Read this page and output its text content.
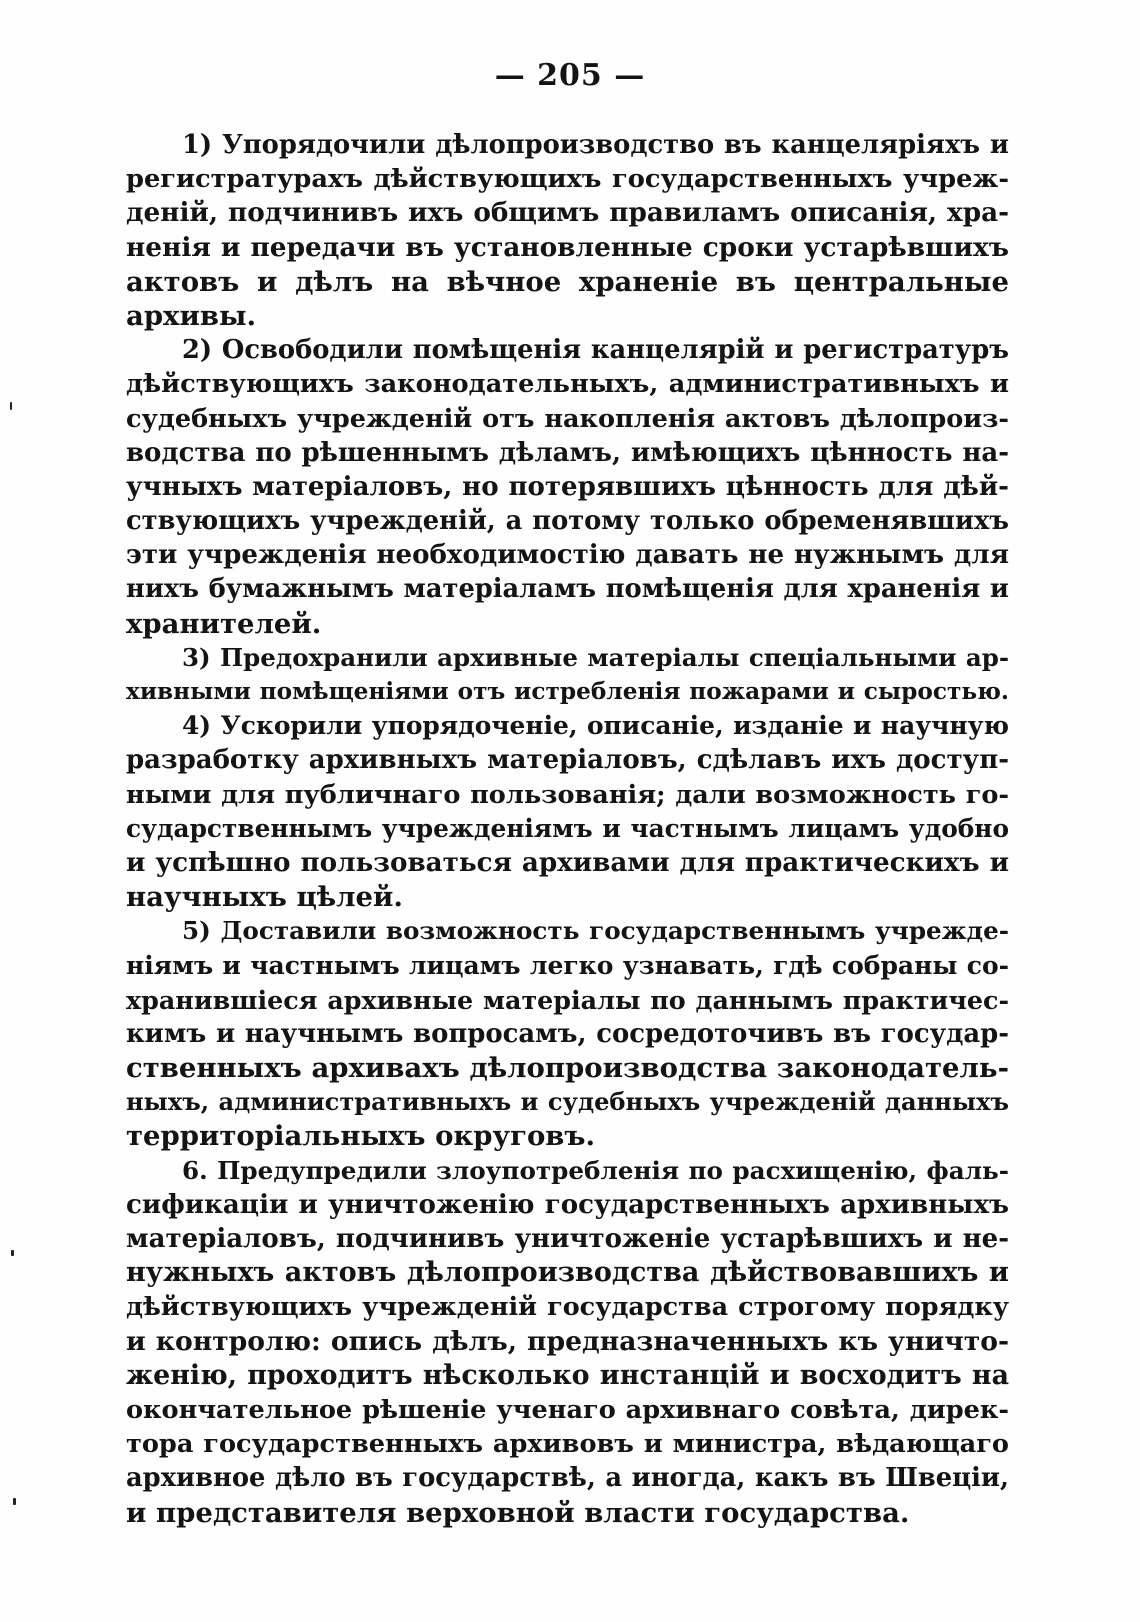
— 205 —
1) Упорядочили дѣлопроизводство въ канцеляріяхъ и
регистратурахъ дѣйствующихъ государственныхъ учреж-
деній, подчинивъ ихъ общимъ правиламъ описанія, хра-
ненія и передачи въ установленные сроки устарѣвшихъ
актовъ и дѣлъ на вѣчное храненіе въ центральные
архивы.
2) Освободили помѣщенія канцелярій и регистратуръ
дѣйствующихъ законодательныхъ, административныхъ и
судебныхъ учрежденій отъ накопленія актовъ дѣлопроиз-
водства по рѣшеннымъ дѣламъ, имѣющихъ цѣнность на-
учныхъ матеріаловъ, но потерявшихъ цѣнность для дѣй-
ствующихъ учрежденій, а потому только обременявшихъ
эти учрежденія необходимостію давать не нужнымъ для
нихъ бумажнымъ матеріаламъ помѣщенія для храненія и
хранителей.
3) Предохранили архивные матеріалы спеціальными ар-
хивными помѣщеніями отъ истребленія пожарами и сыростью.
4) Ускорили упорядоченіе, описаніе, изданіе и научную
разработку архивныхъ матеріаловъ, сдѣлавъ ихъ доступ-
ными для публичнаго пользованія; дали возможность го-
сударственнымъ учрежденіямъ и частнымъ лицамъ удобно
и успѣшно пользоваться архивами для практическихъ и
научныхъ цѣлей.
5) Доставили возможность государственнымъ учрежде-
ніямъ и частнымъ лицамъ легко узнавать, гдѣ собраны со-
хранившіеся архивные матеріалы по даннымъ практичес-
кимъ и научнымъ вопросамъ, сосредоточивъ въ государ-
ственныхъ архивахъ дѣлопроизводства законодатель-
ныхъ, административныхъ и судебныхъ учрежденій данныхъ
территоріальныхъ округовъ.
6. Предупредили злоупотребленія по расхищенію, фаль-
сификаціи и уничтоженію государственныхъ архивныхъ
матеріаловъ, подчинивъ уничтоженіе устарѣвшихъ и не-
нужныхъ актовъ дѣлопроизводства дѣйствовавшихъ и
дѣйствующихъ учрежденій государства строгому порядку
и контролю: опись дѣлъ, предназначенныхъ къ уничто-
женію, проходитъ нѣсколько инстанцій и восходитъ на
окончательное рѣшеніе ученаго архивнаго совѣта, дирек-
тора государственныхъ архивовъ и министра, вѣдающаго
архивное дѣло въ государствѣ, а иногда, какъ въ Швеціи,
и представителя верховной власти государства.
